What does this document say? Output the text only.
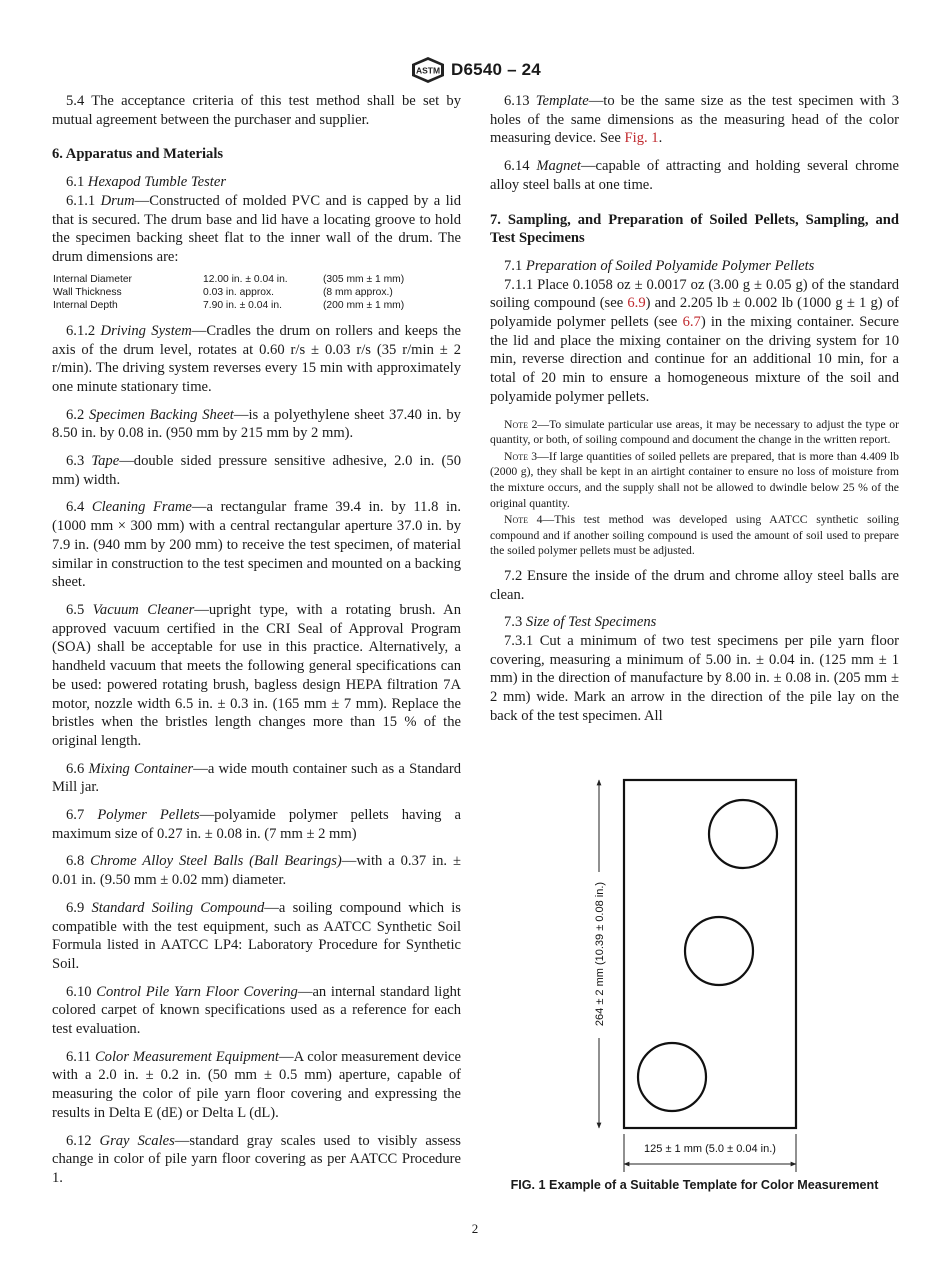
ASTM D6540 – 24

5.4 The acceptance criteria of this test method shall be set by mutual agreement between the purchaser and supplier.

6. Apparatus and Materials

6.1 Hexapod Tumble Tester

6.1.1 Drum—Constructed of molded PVC and is capped by a lid that is secured. The drum base and lid have a locating groove to hold the specimen backing sheet flat to the inner wall of the drum. The drum dimensions are:

Internal Diameter	12.00 in. ± 0.04 in.	(305 mm ± 1 mm)
Wall Thickness	0.03 in. approx.	(8 mm approx.)
Internal Depth	7.90 in. ± 0.04 in.	(200 mm ± 1 mm)

6.1.2 Driving System—Cradles the drum on rollers and keeps the axis of the drum level, rotates at 0.60 r/s ± 0.03 r/s (35 r/min ± 2 r/min). The driving system reverses every 15 min with approximately one minute stationary time.

6.2 Specimen Backing Sheet—is a polyethylene sheet 37.40 in. by 8.50 in. by 0.08 in. (950 mm by 215 mm by 2 mm).

6.3 Tape—double sided pressure sensitive adhesive, 2.0 in. (50 mm) width.

6.4 Cleaning Frame—a rectangular frame 39.4 in. by 11.8 in. (1000 mm × 300 mm) with a central rectangular aperture 37.0 in. by 7.9 in. (940 mm by 200 mm) to receive the test specimen, of material similar in construction to the test specimen and mounted on a backing sheet.

6.5 Vacuum Cleaner—upright type, with a rotating brush. An approved vacuum certified in the CRI Seal of Approval Program (SOA) shall be acceptable for use in this practice. Alternatively, a handheld vacuum that meets the following general specifications can be used: powered rotating brush, bagless design HEPA filtration 7A motor, nozzle width 6.5 in. ± 0.3 in. (165 mm ± 7 mm). Replace the bristles when the bristles length changes more than 15 % of the original length.

6.6 Mixing Container—a wide mouth container such as a Standard Mill jar.

6.7 Polymer Pellets—polyamide polymer pellets having a maximum size of 0.27 in. ± 0.08 in. (7 mm ± 2 mm)

6.8 Chrome Alloy Steel Balls (Ball Bearings)—with a 0.37 in. ± 0.01 in. (9.50 mm ± 0.02 mm) diameter.

6.9 Standard Soiling Compound—a soiling compound which is compatible with the test equipment, such as AATCC Synthetic Soil Formula listed in AATCC LP4: Laboratory Procedure for Synthetic Soil.

6.10 Control Pile Yarn Floor Covering—an internal standard light colored carpet of known specifications used as a reference for each test evaluation.

6.11 Color Measurement Equipment—A color measurement device with a 2.0 in. ± 0.2 in. (50 mm ± 0.5 mm) aperture, capable of measuring the color of pile yarn floor covering and expressing the results in Delta E (dE) or Delta L (dL).

6.12 Gray Scales—standard gray scales used to visibly assess change in color of pile yarn floor covering as per AATCC Procedure 1.

6.13 Template—to be the same size as the test specimen with 3 holes of the same dimensions as the measuring head of the color measuring device. See Fig. 1.

6.14 Magnet—capable of attracting and holding several chrome alloy steel balls at one time.

7. Sampling, and Preparation of Soiled Pellets, Sampling, and Test Specimens

7.1 Preparation of Soiled Polyamide Polymer Pellets

7.1.1 Place 0.1058 oz ± 0.0017 oz (3.00 g ± 0.05 g) of the standard soiling compound (see 6.9) and 2.205 lb ± 0.002 lb (1000 g ± 1 g) of polyamide polymer pellets (see 6.7) in the mixing container. Secure the lid and place the mixing container on the driving system for 10 min, reverse direction and continue for an additional 10 min, for a total of 20 min to ensure a homogeneous mixture of the soil and polyamide polymer pellets.

Note 2—To simulate particular use areas, it may be necessary to adjust the type or quantity, or both, of soiling compound and document the change in the written report.
Note 3—If large quantities of soiled pellets are prepared, that is more than 4.409 lb (2000 g), they shall be kept in an airtight container to ensure no loss of moisture from the mixture occurs, and the supply shall not be allowed to dwindle below 25 % of the original quantity.
Note 4—This test method was developed using AATCC synthetic soiling compound and if another soiling compound is used the amount of soil used to prepare the soiled polymer pellets must be adjusted.

7.2 Ensure the inside of the drum and chrome alloy steel balls are clean.

7.3 Size of Test Specimens

7.3.1 Cut a minimum of two test specimens per pile yarn floor covering, measuring a minimum of 5.00 in. ± 0.04 in. (125 mm ± 1 mm) in the direction of manufacture by 8.00 in. ± 0.08 in. (205 mm ± 2 mm) wide. Mark an arrow in the direction of the pile lay on the back of the test specimen. All

264 ± 2 mm (10.39 ± 0.08 in.)
125 ± 1 mm (5.0 ± 0.04 in.)
FIG. 1 Example of a Suitable Template for Color Measurement
2
